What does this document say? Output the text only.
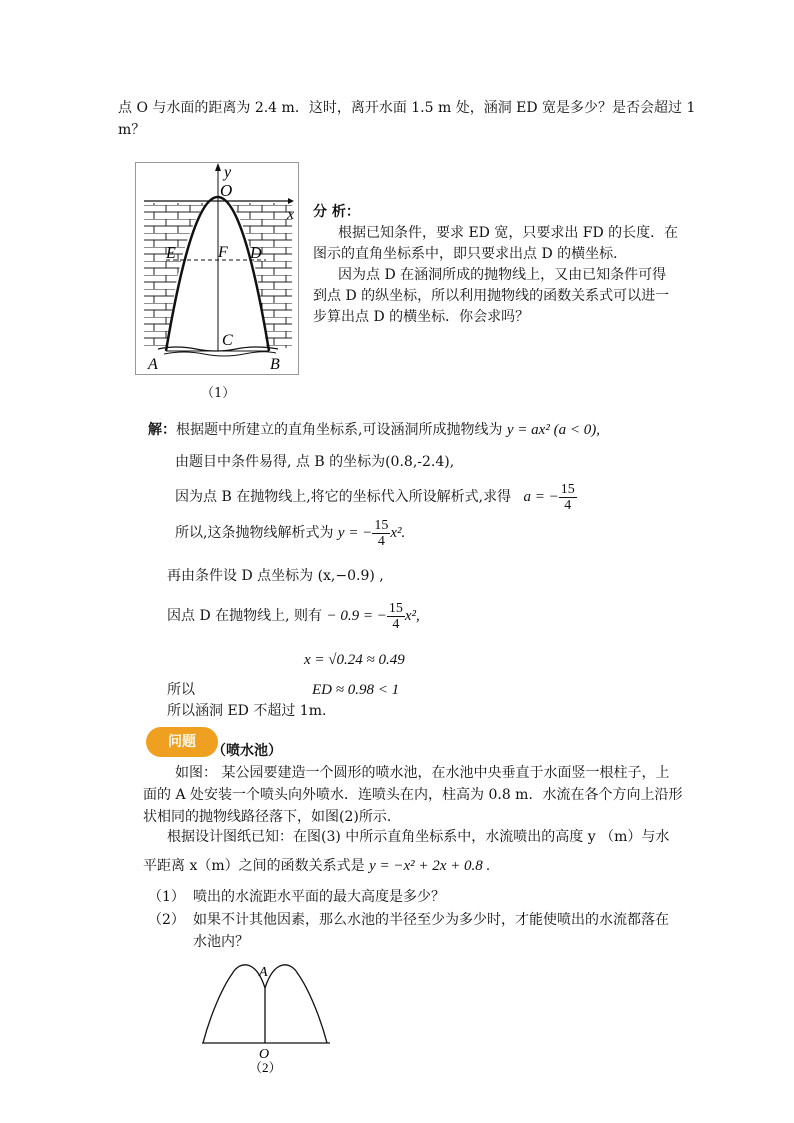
点 O 与水面的距离为 2.4 m．这时，离开水面 1.5 m 处，涵洞 ED 宽是多少？是否会超过 1
m？
y
O
x
E	F D
C
A	B
（1）
分 析：
根据已知条件，要求 ED 宽，只要求出 FD 的长度．在
图示的直角坐标系中，即只要求出点 D 的横坐标．
因为点 D 在涵洞所成的抛物线上，又由已知条件可得
到点 D 的纵坐标，所以利用抛物线的函数关系式可以进一
步算出点 D 的横坐标．你会求吗？
解：根据题中所建立的直角坐标系,可设涵洞所成抛物线为 y = ax² (a < 0),
由题目中条件易得, 点 B 的坐标为(0.8,-2.4),
因为点 B 在抛物线上,将它的坐标代入所设解析式,求得 a = − $\frac{15}{4}$
所以,这条抛物线解析式为 y = − $\frac{15}{4} x^2$.
再由条件设 D 点坐标为 (x,−0.9) ,
因点 D 在抛物线上, 则有 − 0.9 = − $\frac{15}{4} x^2$,
x = √0.24 ≈ 0.49
所以	ED ≈ 0.98 < 1
所以涵洞 ED 不超过 1m.
问题
（喷水池）
如图： 某公园要建造一个圆形的喷水池，在水池中央垂直于水面竖一根柱子，上
面的 A 处安装一个喷头向外喷水．连喷头在内，柱高为 0.8 m．水流在各个方向上沿形
状相同的抛物线路径落下，如图(2)所示．
根据设计图纸已知：在图(3) 中所示直角坐标系中，水流喷出的高度 y （m）与水
平距离 x（m）之间的函数关系式是 y = −x² + 2x + 0.8 .
（1） 喷出的水流距水平面的最大高度是多少？
（2） 如果不计其他因素，那么水池的半径至少为多少时，才能使喷出的水流都落在
水池内？
A
O
（2）
